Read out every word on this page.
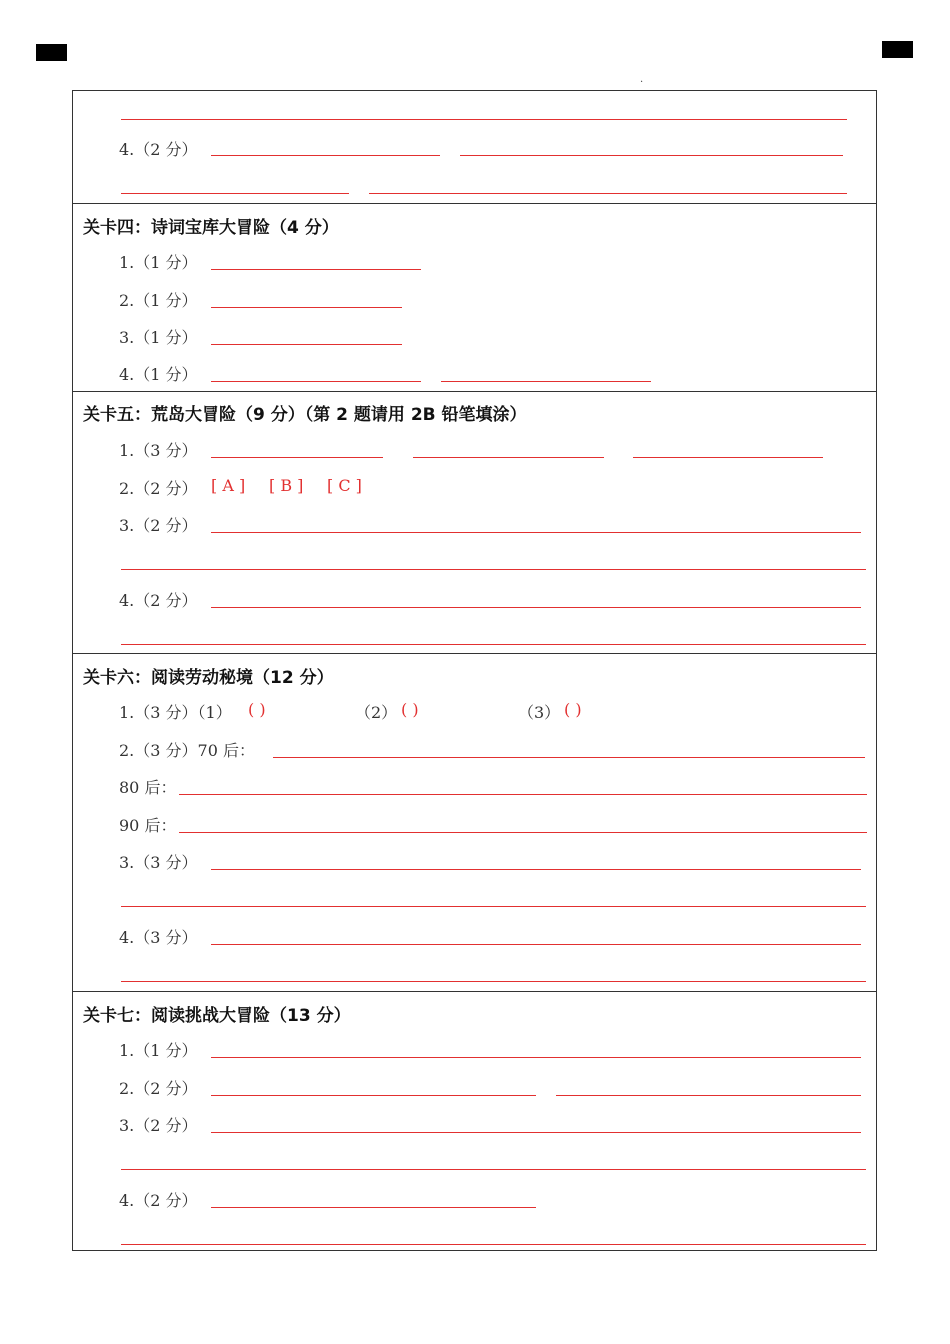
.
4.（2 分）
关卡四：诗词宝库大冒险（4 分）
1.（1 分）
2.（1 分）
3.（1 分）
4.（1 分）
关卡五：荒岛大冒险（9 分）（第 2 题请用 2B 铅笔填涂）
1.（3 分）
2.（2 分） [ A ] [ B ] [ C ]
3.（2 分）
4.（2 分）
关卡六：阅读劳动秘境（12 分）
1.（3 分）（1） ( )	（2） ( )	（3） ( )
2.（3 分）70 后：
80 后：
90 后：
3.（3 分）
4.（3 分）
关卡七：阅读挑战大冒险（13 分）
1.（1 分）
2.（2 分）
3.（2 分）
4.（2 分）
